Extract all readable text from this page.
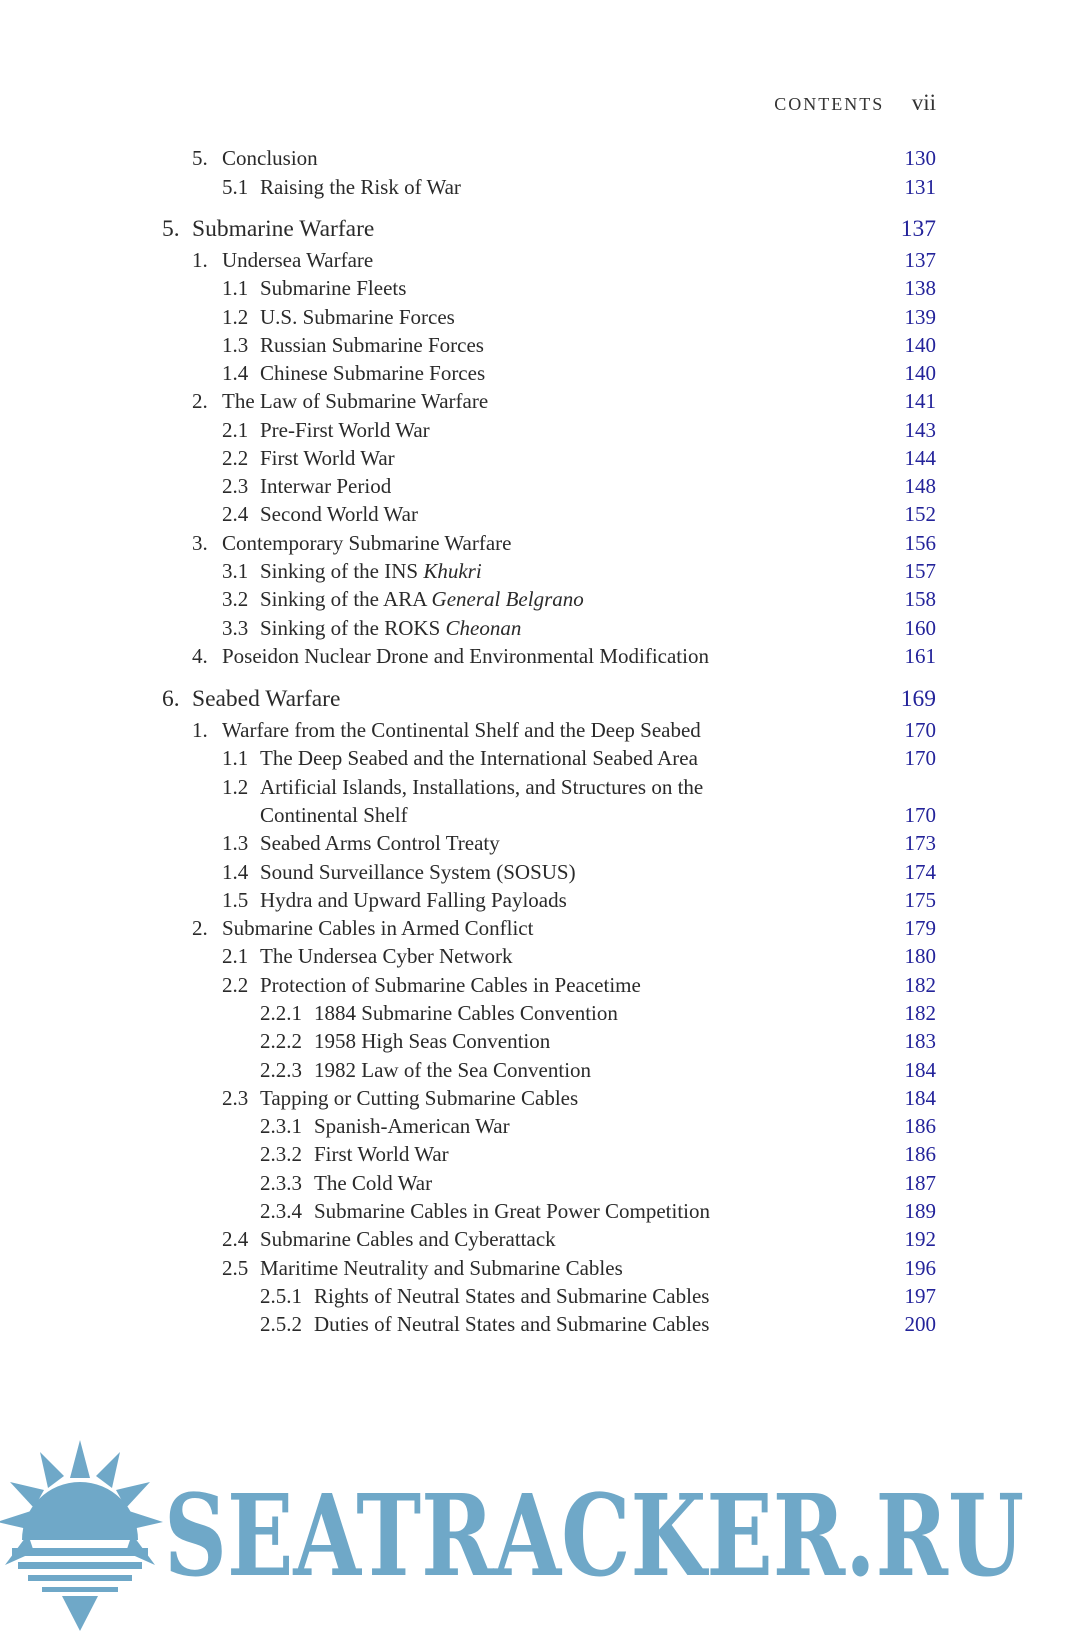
CONTENTS vii
5. Conclusion	130
5.1 Raising the Risk of War	131
5. Submarine Warfare	137
1. Undersea Warfare	137
1.1 Submarine Fleets	138
1.2 U.S. Submarine Forces	139
1.3 Russian Submarine Forces	140
1.4 Chinese Submarine Forces	140
2. The Law of Submarine Warfare	141
2.1 Pre-First World War	143
2.2 First World War	144
2.3 Interwar Period	148
2.4 Second World War	152
3. Contemporary Submarine Warfare	156
3.1 Sinking of the INS Khukri	157
3.2 Sinking of the ARA General Belgrano	158
3.3 Sinking of the ROKS Cheonan	160
4. Poseidon Nuclear Drone and Environmental Modification	161
6. Seabed Warfare	169
1. Warfare from the Continental Shelf and the Deep Seabed	170
1.1 The Deep Seabed and the International Seabed Area	170
1.2 Artificial Islands, Installations, and Structures on the
Continental Shelf	170
1.3 Seabed Arms Control Treaty	173
1.4 Sound Surveillance System (SOSUS)	174
1.5 Hydra and Upward Falling Payloads	175
2. Submarine Cables in Armed Conflict	179
2.1 The Undersea Cyber Network	180
2.2 Protection of Submarine Cables in Peacetime	182
2.2.1 1884 Submarine Cables Convention	182
2.2.2 1958 High Seas Convention	183
2.2.3 1982 Law of the Sea Convention	184
2.3 Tapping or Cutting Submarine Cables	184
2.3.1 Spanish-American War	186
2.3.2 First World War	186
2.3.3 The Cold War	187
2.3.4 Submarine Cables in Great Power Competition	189
2.4 Submarine Cables and Cyberattack	192
2.5 Maritime Neutrality and Submarine Cables	196
2.5.1 Rights of Neutral States and Submarine Cables	197
2.5.2 Duties of Neutral States and Submarine Cables	200
SEATRACKER.RU
